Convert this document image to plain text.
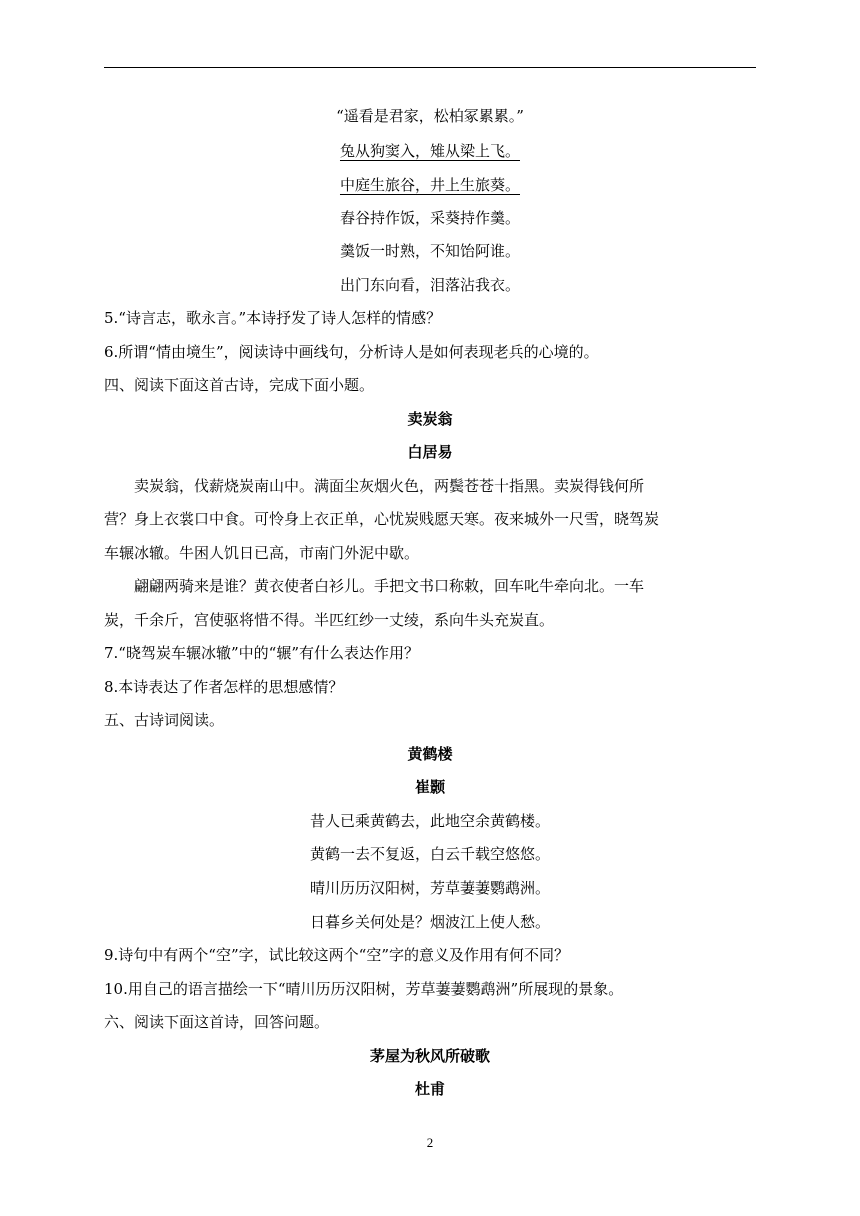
“遥看是君家，松柏冢累累。”
兔从狗窦入，雉从梁上飞。
中庭生旅谷，井上生旅葵。
舂谷持作饭，采葵持作羹。
羹饭一时熟，不知饴阿谁。
出门东向看，泪落沾我衣。
5.“诗言志，歌永言。”本诗抒发了诗人怎样的情感？
6.所谓“情由境生”，阅读诗中画线句，分析诗人是如何表现老兵的心境的。
四、阅读下面这首古诗，完成下面小题。
卖炭翁
白居易
卖炭翁，伐薪烧炭南山中。满面尘灰烟火色，两鬓苍苍十指黑。卖炭得钱何所
营？身上衣裳口中食。可怜身上衣正单，心忧炭贱愿天寒。夜来城外一尺雪，晓驾炭
车辗冰辙。牛困人饥日已高，市南门外泥中歇。
翩翩两骑来是谁？黄衣使者白衫儿。手把文书口称敕，回车叱牛牵向北。一车
炭，千余斤，宫使驱将惜不得。半匹红纱一丈绫，系向牛头充炭直。
7.“晓驾炭车辗冰辙”中的“辗”有什么表达作用？
8.本诗表达了作者怎样的思想感情？
五、古诗词阅读。
黄鹤楼
崔颢
昔人已乘黄鹤去，此地空余黄鹤楼。
黄鹤一去不复返，白云千载空悠悠。
晴川历历汉阳树，芳草萋萋鹦鹉洲。
日暮乡关何处是？烟波江上使人愁。
9.诗句中有两个“空”字，试比较这两个“空”字的意义及作用有何不同？
10.用自己的语言描绘一下“晴川历历汉阳树，芳草萋萋鹦鹉洲”所展现的景象。
六、阅读下面这首诗，回答问题。
茅屋为秋风所破歌
杜甫
2
